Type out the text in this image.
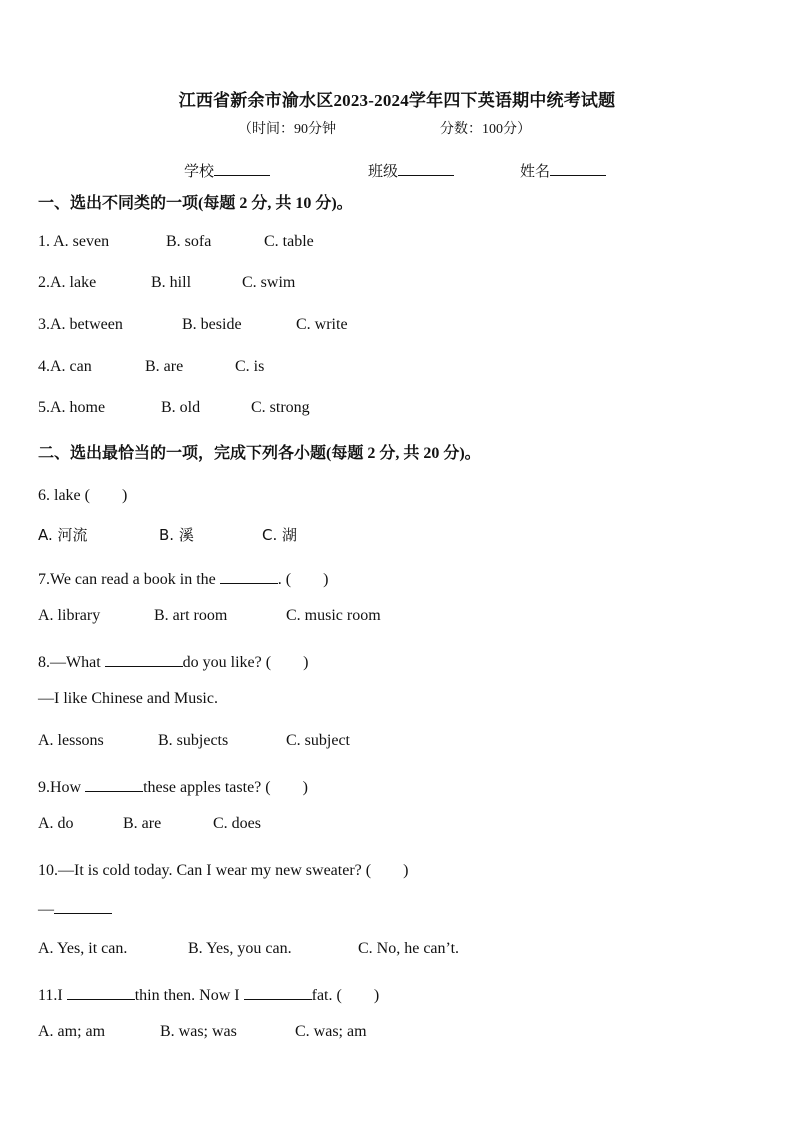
江西省新余市渝水区2023-2024学年四下英语期中统考试题
（时间：90分钟	分数：100分）
学校	班级	姓名
一、选出不同类的一项(每题 2 分, 共 10 分)。
1. A. seven	B. sofa	C. table
2.A. lake	B. hill	C. swim
3.A. between	B. beside	C. write
4.A. can	B. are	C. is
5.A. home	B. old	C. strong
二、选出最恰当的一项，完成下列各小题(每题 2 分, 共 20 分)。
6. lake (　　)
A. 河流	B. 溪	C. 湖
7.We can read a book in the	. (　　)
A. library	B. art room	C. music room
8.—What	do you like? (　　)
—I like Chinese and Music.
A. lessons	B. subjects	C. subject
9.How	these apples taste? (　　)
A. do	B. are	C. does
10.—It is cold today. Can I wear my new sweater? (　　)
—
A. Yes, it can.	B. Yes, you can.	C. No, he can’t.
11.I	thin then. Now I	fat. (　　)
A. am; am	B. was; was	C. was; am
